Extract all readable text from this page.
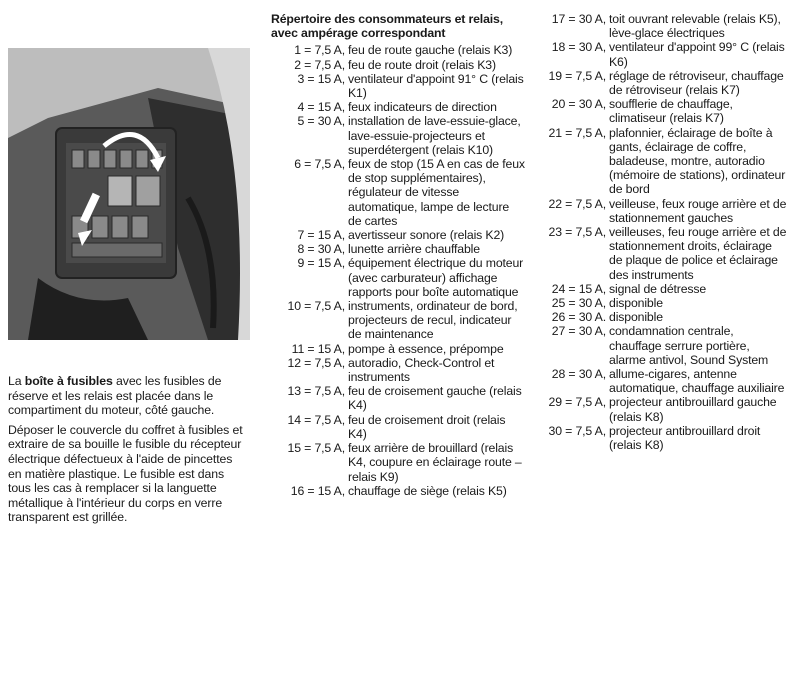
La boîte à fusibles avec les fusibles de réserve et les relais est placée dans le compartiment du moteur, côté gauche.

Déposer le couvercle du coffret à fusibles et extraire de sa bouille le fusible du récepteur électrique défectueux à l'aide de pincettes en matière plastique. Le fusible est dans tous les cas à remplacer si la languette métallique à l'intérieur du corps en verre transparent est grillée.

Répertoire des consommateurs et relais,
avec ampérage correspondant
1 = 7,5 A, feu de route gauche (relais K3)
2 = 7,5 A, feu de route droit (relais K3)
3 = 15 A, ventilateur d'appoint 91° C (relais K1)
4 = 15 A, feux indicateurs de direction
5 = 30 A, installation de lave-essuie-glace, lave-essuie-projecteurs et superdétergent (relais K10)
6 = 7,5 A, feux de stop (15 A en cas de feux de stop supplémentaires), régulateur de vitesse automatique, lampe de lecture de cartes
7 = 15 A, avertisseur sonore (relais K2)
8 = 30 A, lunette arrière chauffable
9 = 15 A, équipement électrique du moteur (avec carburateur) affichage rapports pour boîte automatique
10 = 7,5 A, instruments, ordinateur de bord, projecteurs de recul, indicateur de maintenance
11 = 15 A, pompe à essence, prépompe
12 = 7,5 A, autoradio, Check-Control et instruments
13 = 7,5 A, feu de croisement gauche (relais K4)
14 = 7,5 A, feu de croisement droit (relais K4)
15 = 7,5 A, feux arrière de brouillard (relais K4, coupure en éclairage route – relais K9)
16 = 15 A, chauffage de siège (relais K5)
17 = 30 A, toit ouvrant relevable (relais K5), lève-glace électriques
18 = 30 A, ventilateur d'appoint 99° C (relais K6)
19 = 7,5 A, réglage de rétroviseur, chauffage de rétroviseur (relais K7)
20 = 30 A, soufflerie de chauffage, climatiseur (relais K7)
21 = 7,5 A, plafonnier, éclairage de boîte à gants, éclairage de coffre, baladeuse, montre, autoradio (mémoire de stations), ordinateur de bord
22 = 7,5 A, veilleuse, feux rouge arrière et de stationnement gauches
23 = 7,5 A, veilleuses, feu rouge arrière et de stationnement droits, éclairage de plaque de police et éclairage des instruments
24 = 15 A, signal de détresse
25 = 30 A, disponible
26 = 30 A. disponible
27 = 30 A, condamnation centrale, chauffage serrure portière, alarme antivol, Sound System
28 = 30 A, allume-cigares, antenne automatique, chauffage auxiliaire
29 = 7,5 A, projecteur antibrouillard gauche (relais K8)
30 = 7,5 A, projecteur antibrouillard droit (relais K8)
